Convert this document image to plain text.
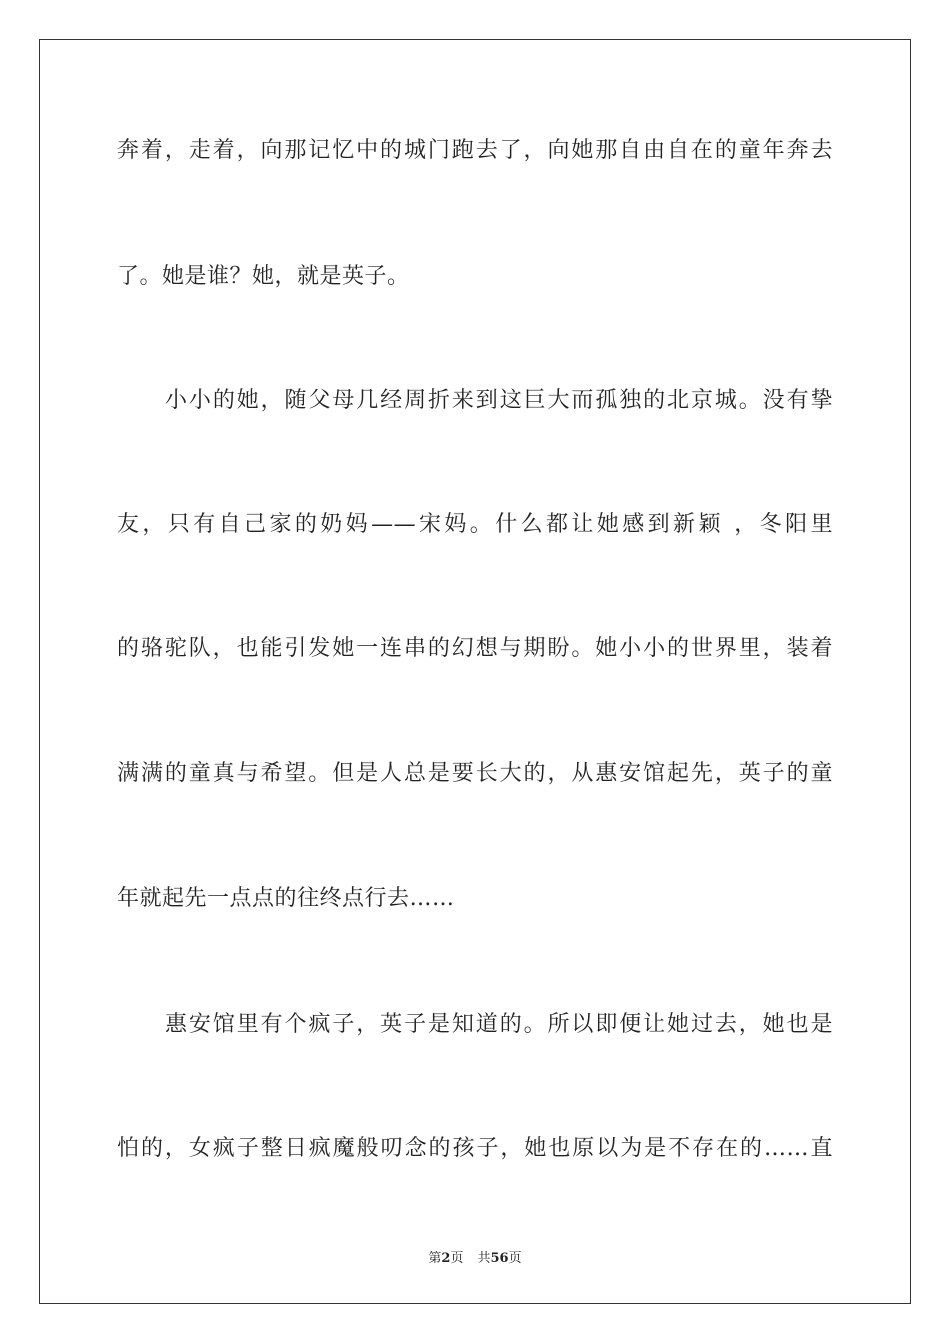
奔着，走着，向那记忆中的城门跑去了，向她那自由自在的童年奔去
了。她是谁？她，就是英子。
小小的她，随父母几经周折来到这巨大而孤独的北京城。没有挚
友，只有自己家的奶妈——宋妈。什么都让她感到新颖 ，冬阳里
的骆驼队，也能引发她一连串的幻想与期盼。她小小的世界里，装着
满满的童真与希望。但是人总是要长大的，从惠安馆起先，英子的童
年就起先一点点的往终点行去……
惠安馆里有个疯子，英子是知道的。所以即便让她过去，她也是
怕的，女疯子整日疯魔般叨念的孩子，她也原以为是不存在的……直
第2页 共56页
